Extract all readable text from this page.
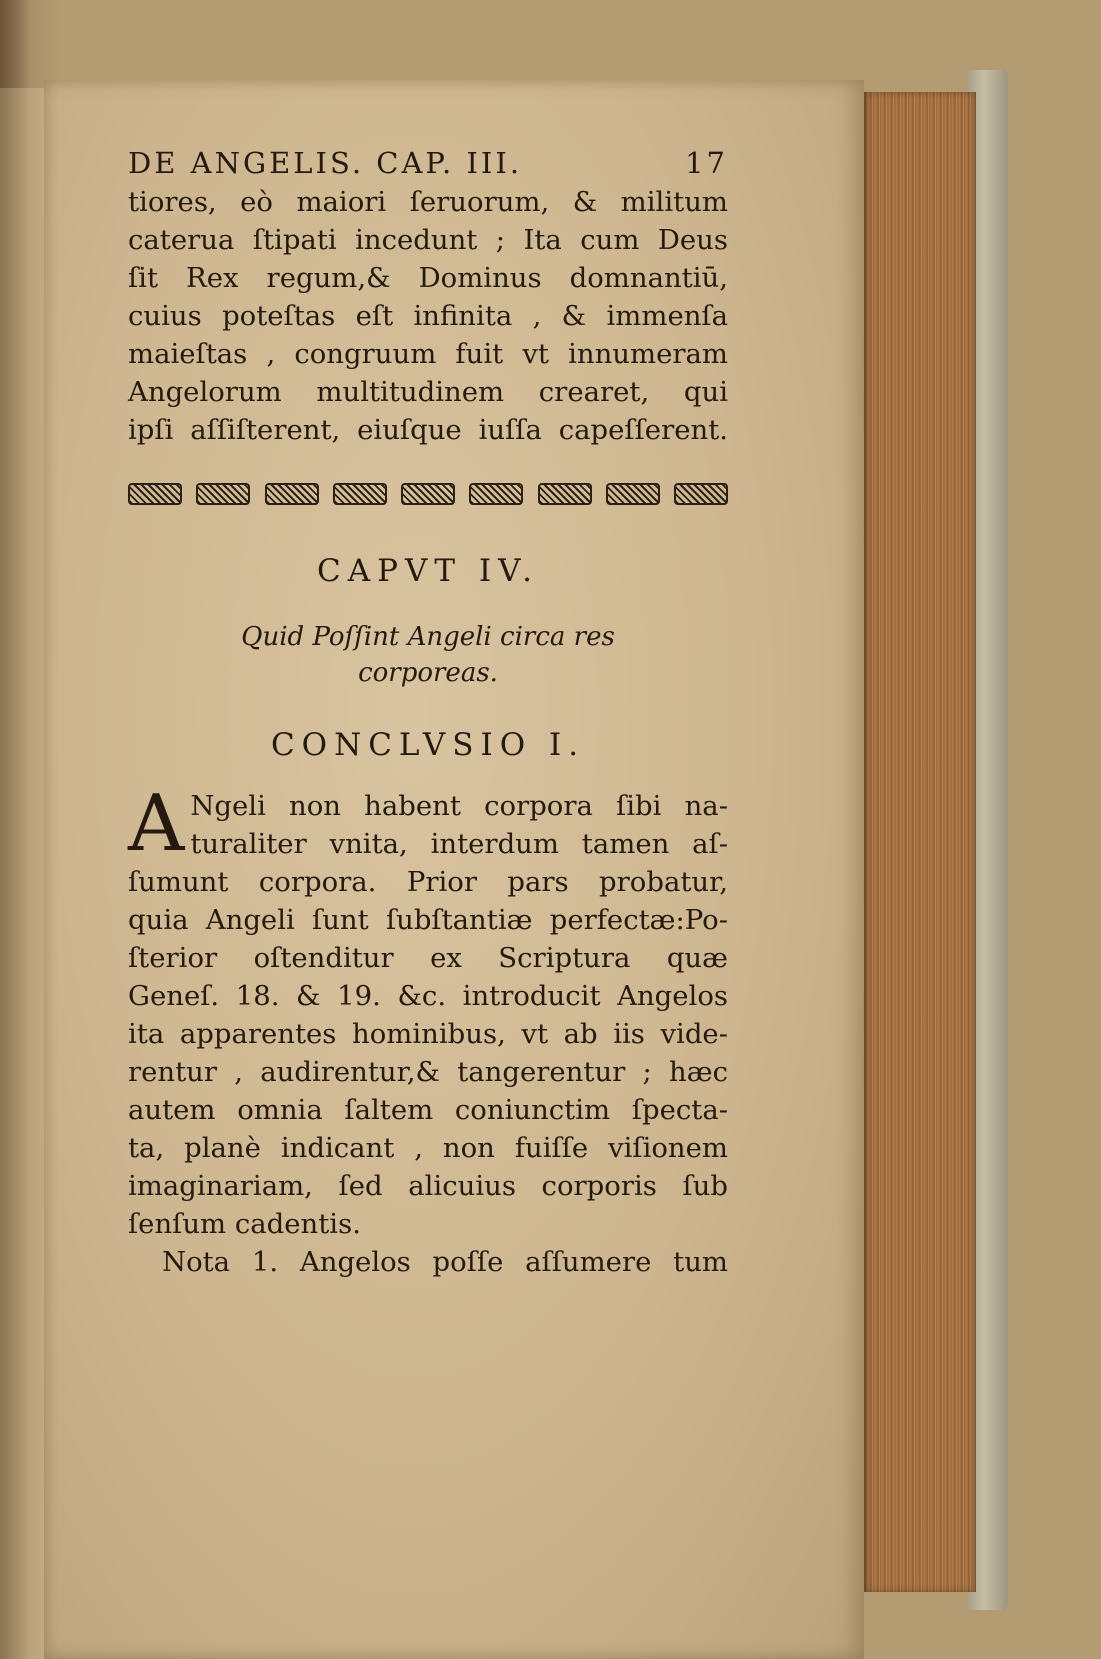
DE ANGELIS. CAP. III.	17
tiores, eò maiori ſeruorum, & militum
caterua ſtipati incedunt ; Ita cum Deus
ſit Rex regum,& Dominus domnantiū,
cuius poteſtas eſt infinita , & immenſa
maieſtas , congruum fuit vt innumeram
Angelorum multitudinem crearet, qui
ipſi aſſiſterent, eiuſque iuſſa capeſſerent.
CAPVT IV.
Quid Poſſint Angeli circa res
corporeas.
CONCLVSIO I.
A Ngeli non habent corpora ſibi na-
turaliter vnita, interdum tamen aſ-
ſumunt corpora. Prior pars probatur,
quia Angeli ſunt ſubſtantiæ perfectæ:Po-
ſterior oſtenditur ex Scriptura quæ
Geneſ. 18. & 19. &c. introducit Angelos
ita apparentes hominibus, vt ab iis vide-
rentur , audirentur,& tangerentur ; hæc
autem omnia ſaltem coniunctim ſpecta-
ta, planè indicant , non fuiſſe viſionem
imaginariam, ſed alicuius corporis ſub
ſenſum cadentis.
Nota 1. Angelos poſſe aſſumere tum
